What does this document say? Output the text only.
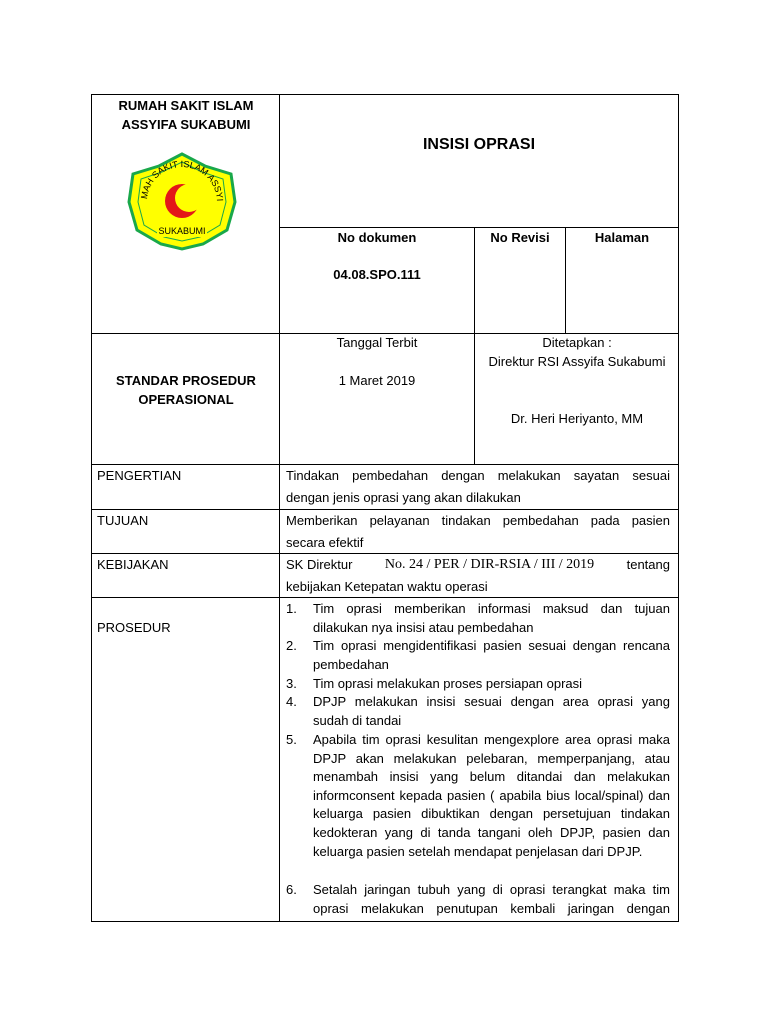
RUMAH SAKIT ISLAM ASSYIFA SUKABUMI
MAH SAKIT ISLAM ASSYI
SUKABUMI
INSISI OPRASI
No dokumen	No Revisi	Halaman
04.08.SPO.111
STANDAR PROSEDUR OPERASIONAL
Tanggal Terbit
1 Maret 2019
Ditetapkan :
Direktur RSI Assyifa Sukabumi
Dr. Heri Heriyanto, MM
PENGERTIAN	Tindakan pembedahan dengan melakukan sayatan sesuai
dengan jenis oprasi yang akan dilakukan
TUJUAN	Memberikan pelayanan tindakan pembedahan pada pasien
secara efektif
KEBIJAKAN	SK Direktur No. 24 / PER / DIR-RSIA / III / 2019 tentang
kebijakan Ketepatan waktu operasi
PROSEDUR
1.	Tim oprasi memberikan informasi maksud dan tujuan dilakukan nya insisi atau pembedahan
2.	Tim oprasi mengidentifikasi pasien sesuai dengan rencana pembedahan
3.	Tim oprasi melakukan proses persiapan oprasi
4.	DPJP melakukan insisi sesuai dengan area oprasi yang sudah di tandai
5.	Apabila tim oprasi kesulitan mengexplore area oprasi maka DPJP akan melakukan pelebaran, memperpanjang, atau menambah insisi yang belum ditandai dan melakukan informconsent kepada pasien ( apabila bius local/spinal) dan keluarga pasien dibuktikan dengan persetujuan tindakan kedokteran yang di tanda tangani oleh DPJP, pasien dan keluarga pasien setelah mendapat penjelasan dari DPJP.
6.	Setalah jaringan tubuh yang di oprasi terangkat maka tim oprasi melakukan penutupan kembali jaringan dengan
